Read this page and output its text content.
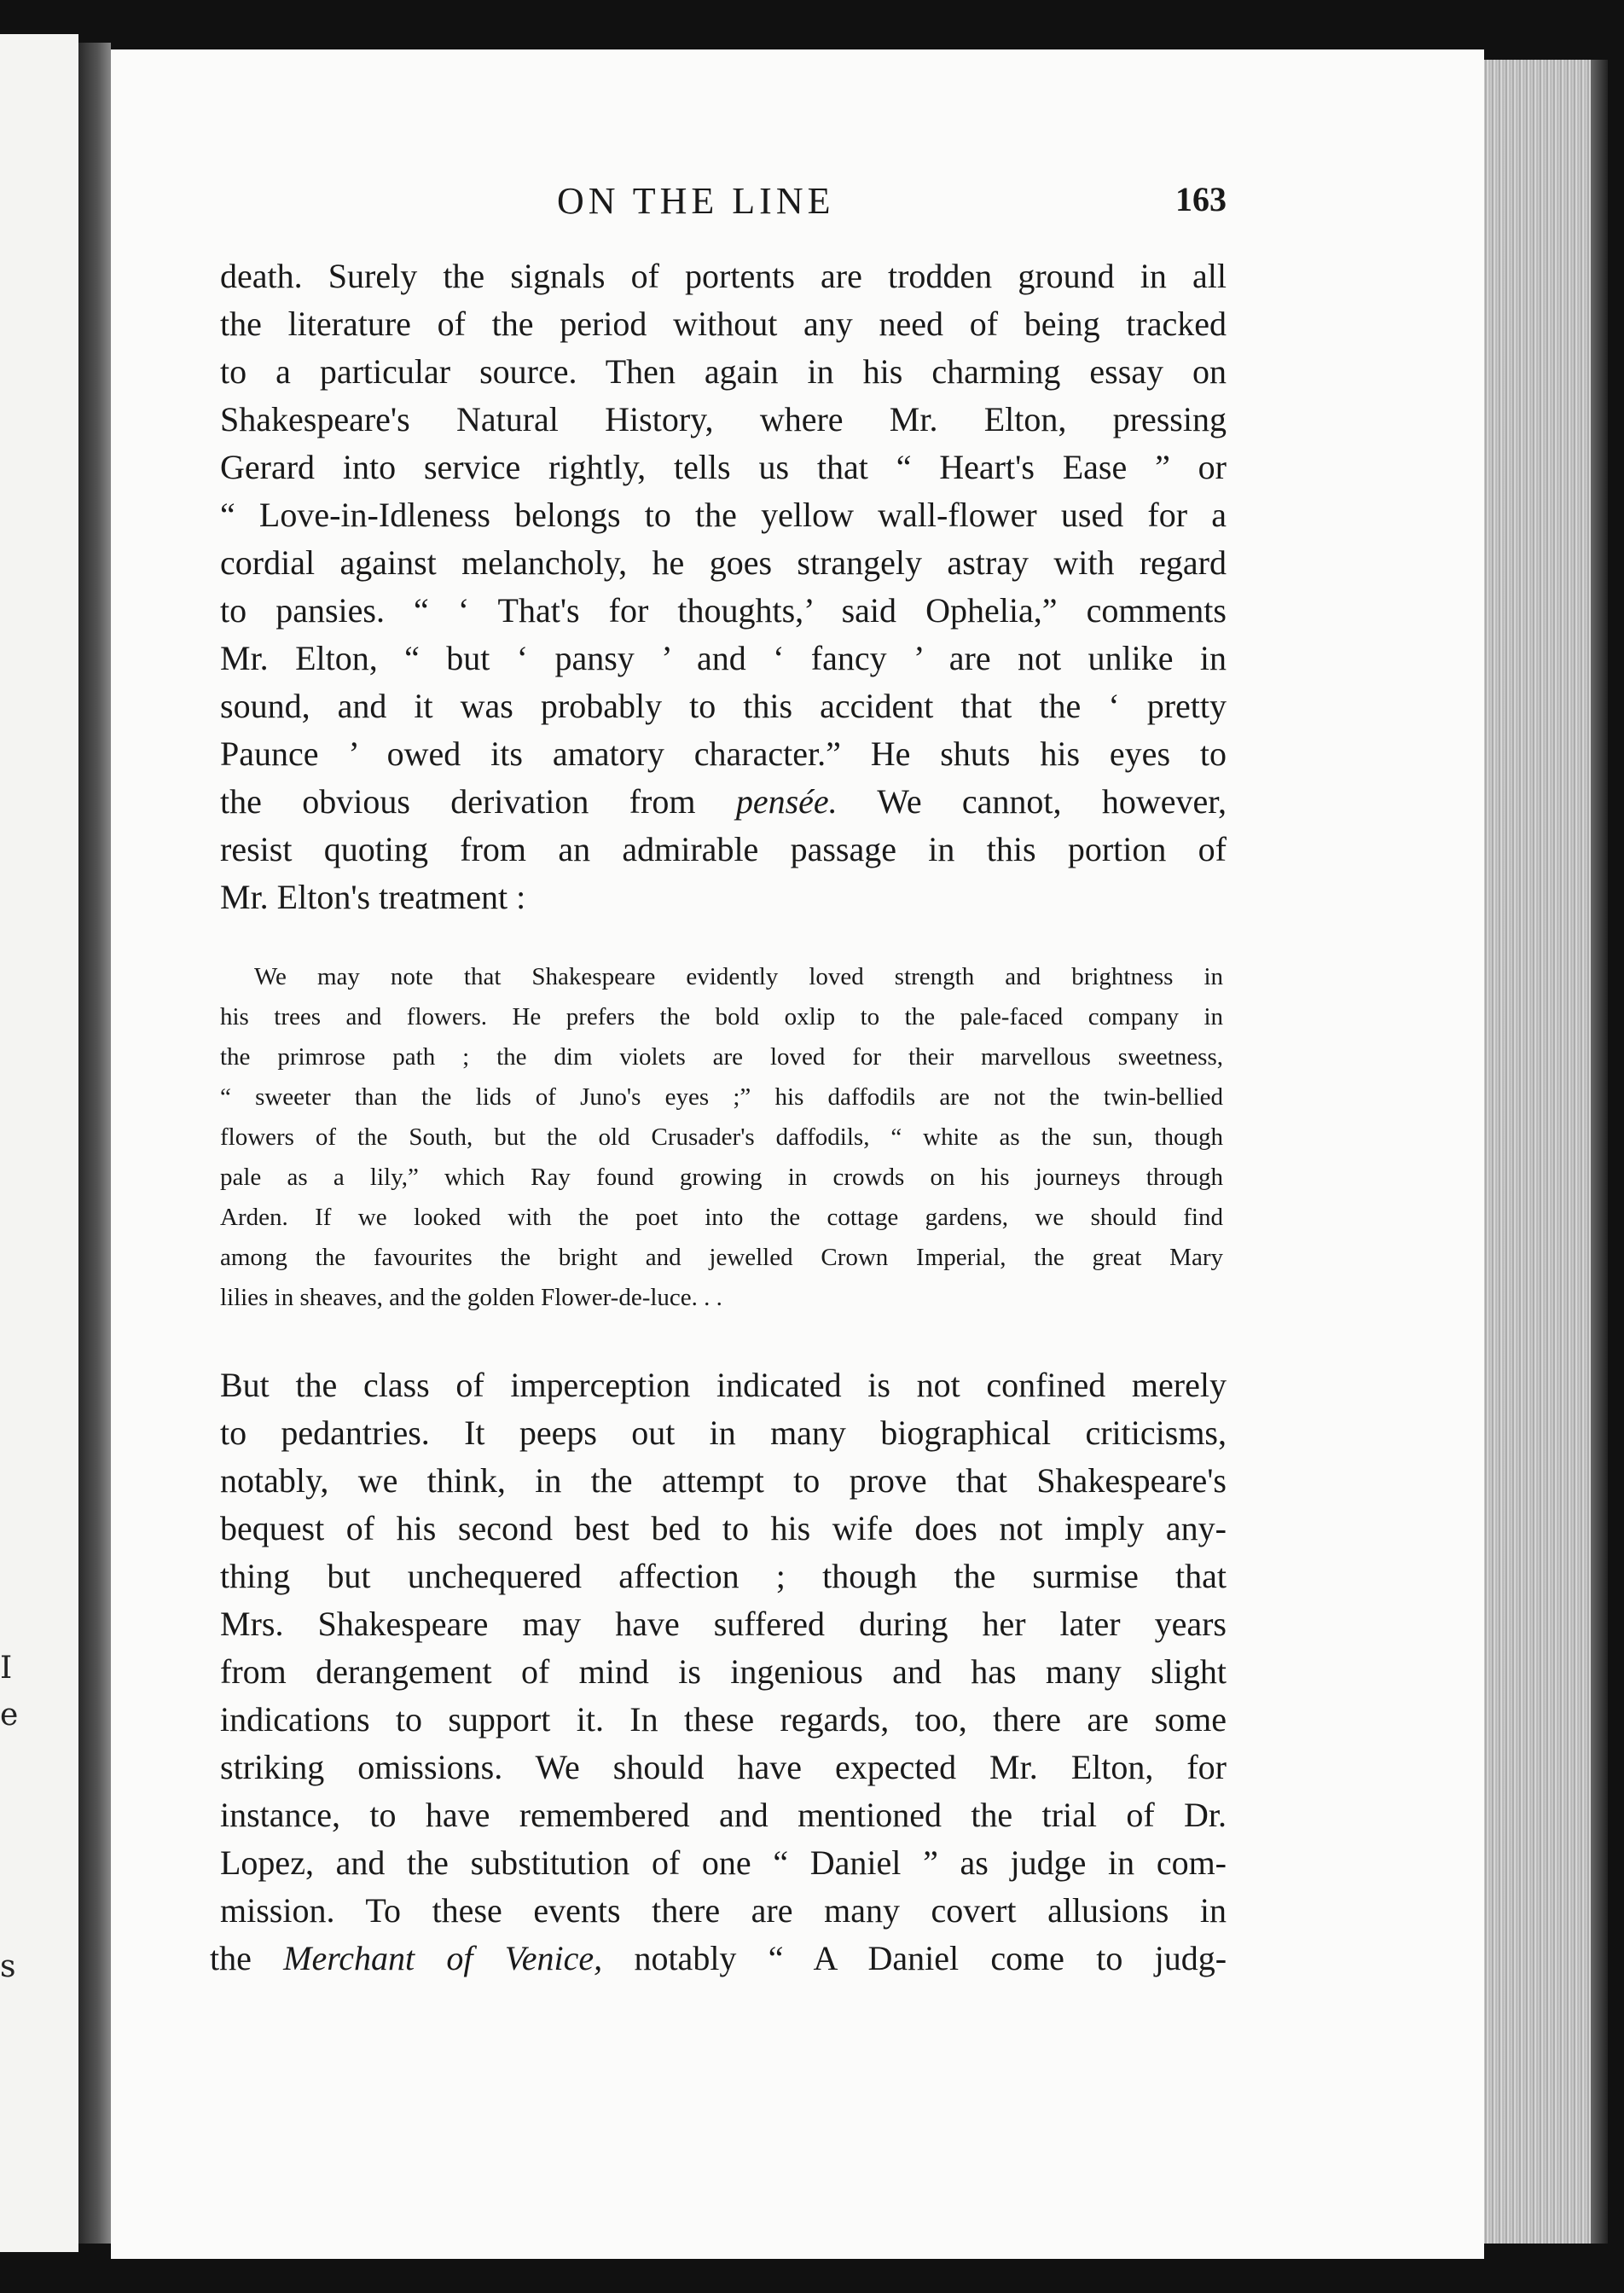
I
e
s
ON THE LINE	163
death. Surely the signals of portents are trodden ground in all
the literature of the period without any need of being tracked
to a particular source. Then again in his charming essay on
Shakespeare's Natural History, where Mr. Elton, pressing
Gerard into service rightly, tells us that “ Heart's Ease ” or
“ Love-in-Idleness belongs to the yellow wall-flower used for a
cordial against melancholy, he goes strangely astray with regard
to pansies. “ ‘ That's for thoughts,’ said Ophelia,” comments
Mr. Elton, “ but ‘ pansy ’ and ‘ fancy ’ are not unlike in
sound, and it was probably to this accident that the ‘ pretty
Paunce ’ owed its amatory character.” He shuts his eyes to
the obvious derivation from pensée. We cannot, however,
resist quoting from an admirable passage in this portion of
Mr. Elton's treatment :
We may note that Shakespeare evidently loved strength and brightness in
his trees and flowers. He prefers the bold oxlip to the pale-faced company in
the primrose path ; the dim violets are loved for their marvellous sweetness,
“ sweeter than the lids of Juno's eyes ;” his daffodils are not the twin-bellied
flowers of the South, but the old Crusader's daffodils, “ white as the sun, though
pale as a lily,” which Ray found growing in crowds on his journeys through
Arden. If we looked with the poet into the cottage gardens, we should find
among the favourites the bright and jewelled Crown Imperial, the great Mary
lilies in sheaves, and the golden Flower-de-luce. . .
But the class of imperception indicated is not confined merely
to pedantries. It peeps out in many biographical criticisms,
notably, we think, in the attempt to prove that Shakespeare's
bequest of his second best bed to his wife does not imply any-
thing but unchequered affection ; though the surmise that
Mrs. Shakespeare may have suffered during her later years
from derangement of mind is ingenious and has many slight
indications to support it. In these regards, too, there are some
striking omissions. We should have expected Mr. Elton, for
instance, to have remembered and mentioned the trial of Dr.
Lopez, and the substitution of one “ Daniel ” as judge in com-
mission. To these events there are many covert allusions in
the Merchant of Venice, notably “ A Daniel come to judg-
